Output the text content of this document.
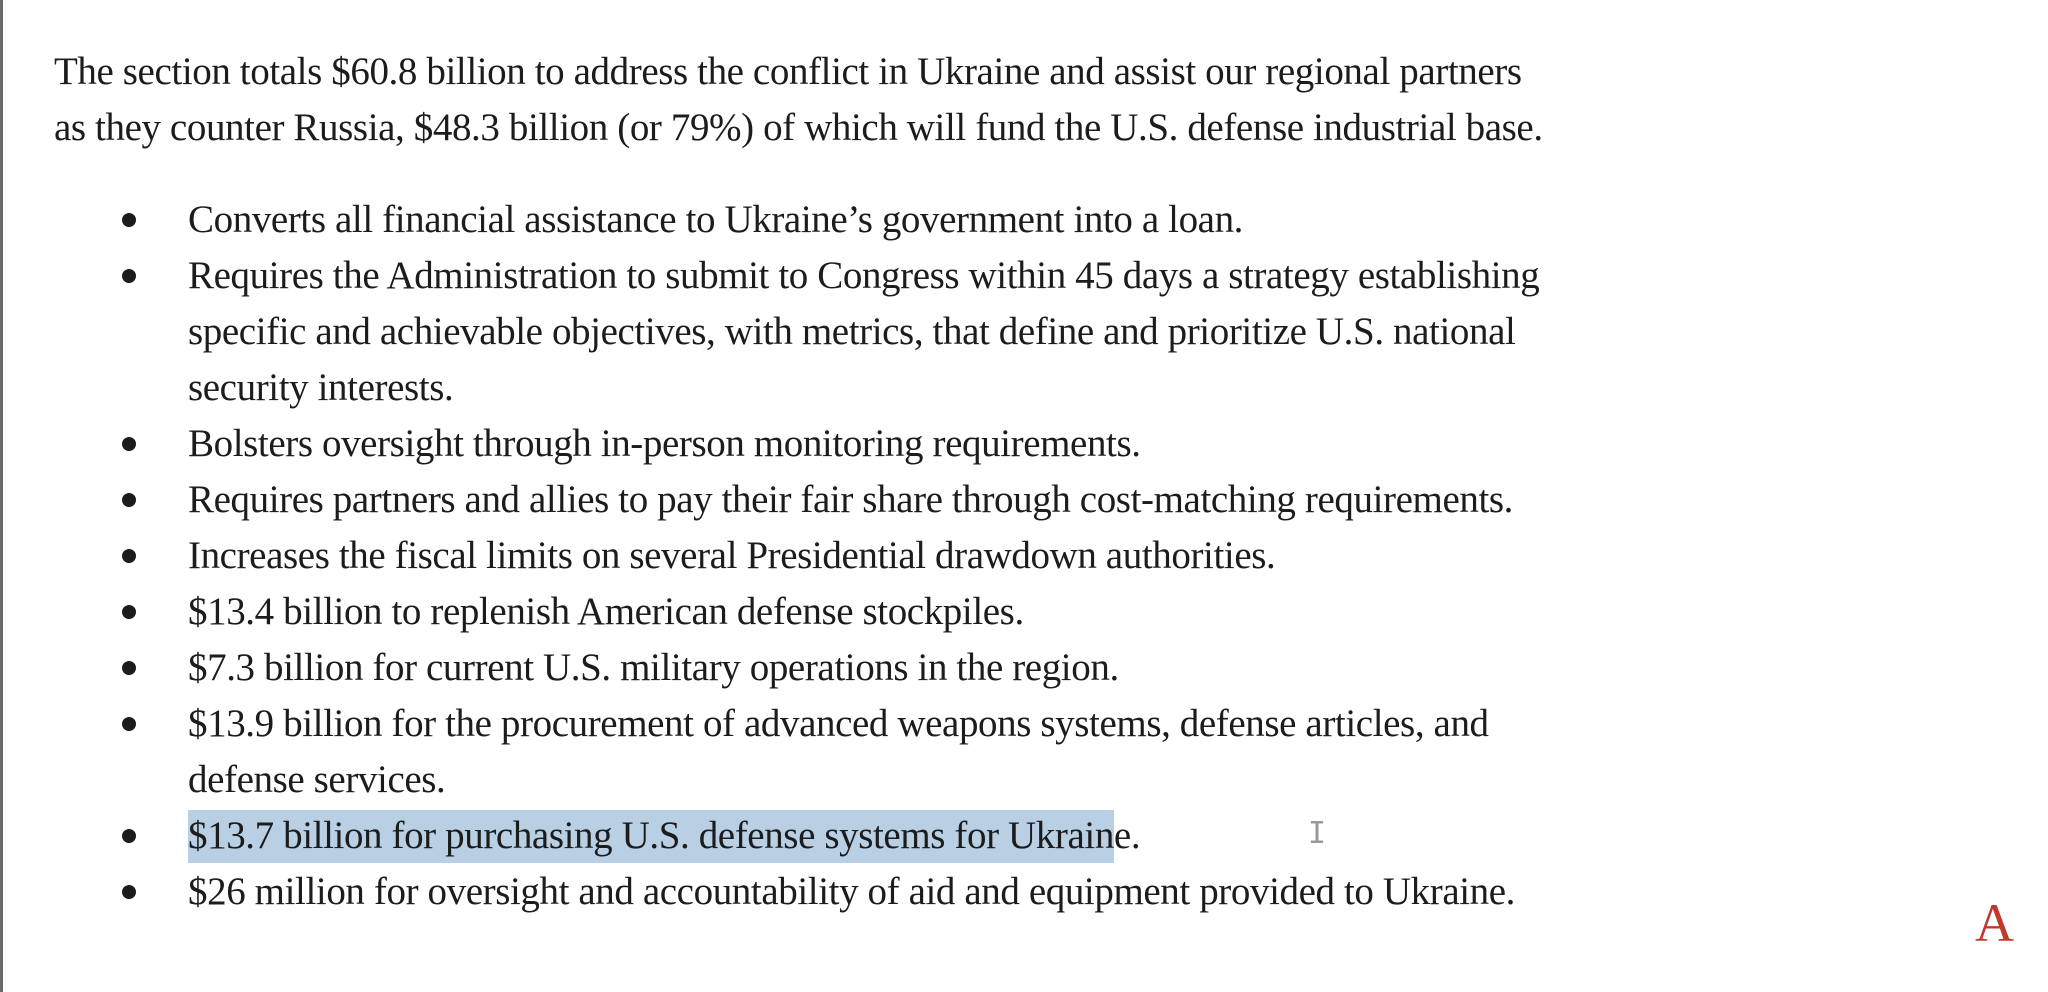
The section totals $60.8 billion to address the conflict in Ukraine and assist our regional partners
as they counter Russia, $48.3 billion (or 79%) of which will fund the U.S. defense industrial base.

Converts all financial assistance to Ukraine’s government into a loan.
Requires the Administration to submit to Congress within 45 days a strategy establishing
specific and achievable objectives, with metrics, that define and prioritize U.S. national
security interests.
Bolsters oversight through in-person monitoring requirements.
Requires partners and allies to pay their fair share through cost-matching requirements.
Increases the fiscal limits on several Presidential drawdown authorities.
$13.4 billion to replenish American defense stockpiles.
$7.3 billion for current U.S. military operations in the region.
$13.9 billion for the procurement of advanced weapons systems, defense articles, and
defense services.
$13.7 billion for purchasing U.S. defense systems for Ukraine.
$26 million for oversight and accountability of aid and equipment provided to Ukraine.
I
A
